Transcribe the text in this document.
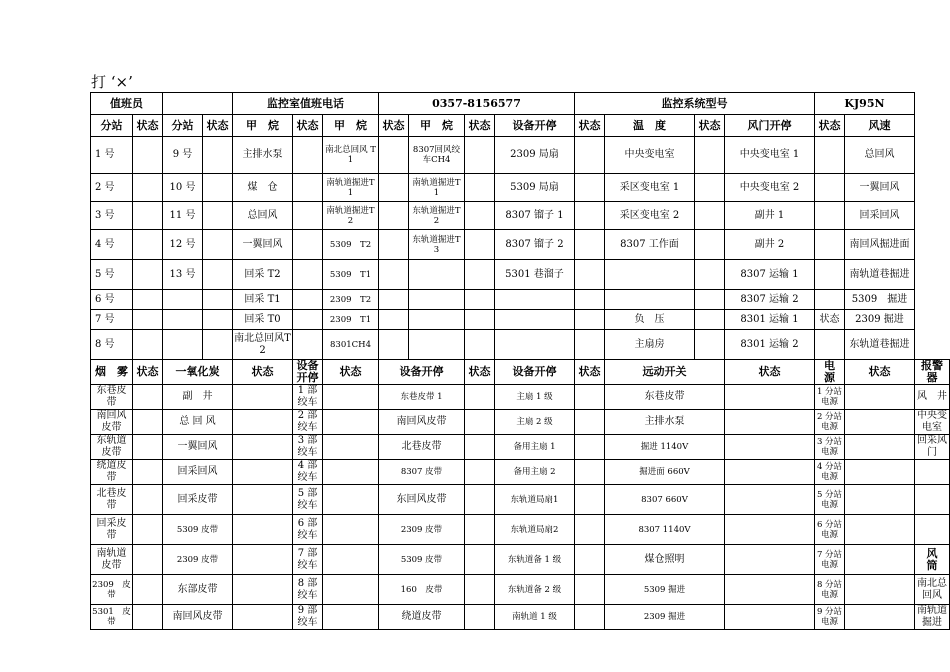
打 ‘×’
值班员				监控室值班电话			0357-8156577				监控系统型号				KJ95N		
分站	状态	分站	状态	甲　烷	状态	甲　烷	状态	甲　烷	状态	设备开停	状态	温　度	状态	风门开停	状态	风速	
1 号		9 号		主排水泵		南北总回风 T1		8307回风绞车CH4		2309 局扇		中央变电室		中央变电室 1		总回风	
2 号		10 号		煤　仓		南轨道掘进T1		南轨道掘进T1		5309 局扇		采区变电室 1		中央变电室 2		一翼回风	
3 号		11 号		总回风		南轨道掘进T2		东轨道掘进T2		8307 镏子 1		采区变电室 2		副井 1		回采回风	
4 号		12 号		一翼回风		5309　T2		东轨道掘进T3		8307 镏子 2		8307 工作面		副井 2		南回风掘进面	
5 号		13 号		回采 T2		5309　T1				5301 巷溜子				8307 运输 1		南轨道巷掘进	
6 号				回采 T1		2309　T2								8307 运输 2		5309　掘进	
7 号				回采 T0		2309　T1						负　压		8301 运输 1	状态	2309 掘进	
8 号				南北总回风T2		8301CH4						主扇房		8301 运输 2		东轨道巷掘进	
烟　雾	状态	一氧化炭		状态	设备开停	状态	设备开停		状态	设备开停	状态	远动开关		状态	电　源	状态	报警器
东巷皮带		副　井			1 部绞车		东巷皮带 1			主扇 1 级		东巷皮带			1 分站电源		风　井
南回风皮带		总 回 风			2 部绞车		南回风皮带			主扇 2 级		主排水泵			2 分站电源		中央变电室
东轨道皮带		一翼回风			3 部绞车		北巷皮带			备用主扇 1		掘进 1140V			3 分站电源		回采风门
绕道皮带		回采回风			4 部绞车		8307 皮带			备用主扇 2		掘进面 660V			4 分站电源		
北巷皮带		回采皮带			5 部绞车		东回风皮带			东轨道局扇1		8307 660V			5 分站电源		
回采皮带		5309 皮带			6 部绞车		2309 皮带			东轨道局扇2		8307 1140V			6 分站电源		
南轨道皮带		2309 皮带			7 部绞车		5309 皮带			东轨道备 1 级		煤仓照明			7 分站电源		风　筒
2309　皮带		东部皮带			8 部绞车		160　皮带			东轨道备 2 级		5309 掘进			8 分站电源		南北总回风
5301　皮带		南回风皮带			9 部绞车		绕道皮带			南轨道 1 级		2309 掘进			9 分站电源		南轨道掘进
